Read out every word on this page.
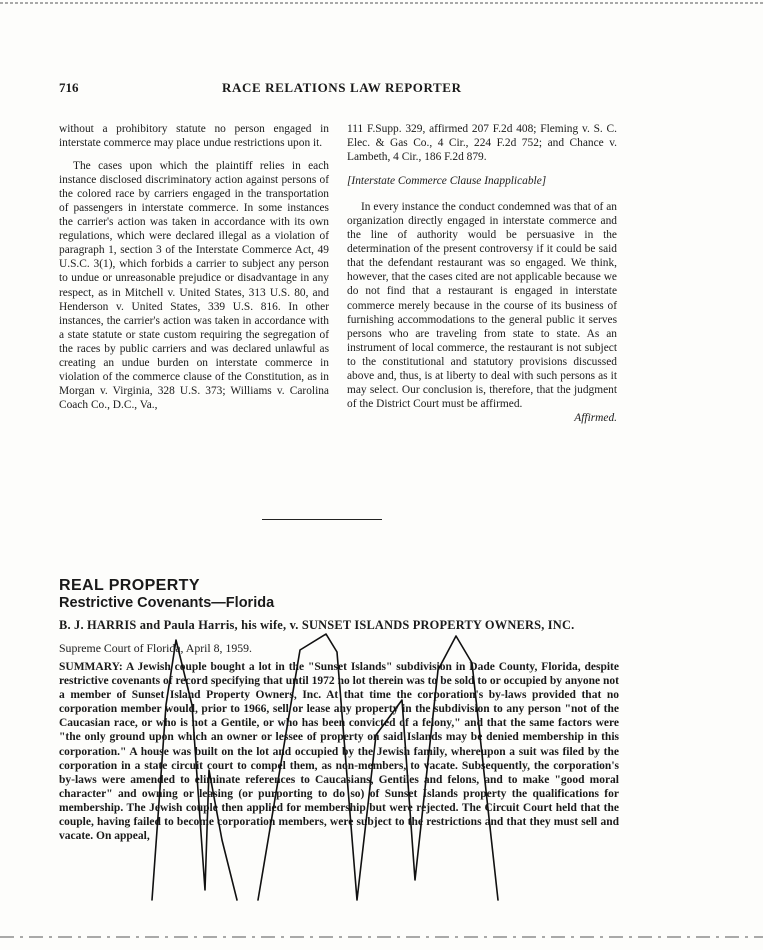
716	RACE RELATIONS LAW REPORTER

without a prohibitory statute no person engaged in interstate commerce may place undue restrictions upon it.

The cases upon which the plaintiff relies in each instance disclosed discriminatory action against persons of the colored race by carriers engaged in the transportation of passengers in interstate commerce. In some instances the carrier's action was taken in accordance with its own regulations, which were declared illegal as a violation of paragraph 1, section 3 of the Interstate Commerce Act, 49 U.S.C. 3(1), which forbids a carrier to subject any person to undue or unreasonable prejudice or disadvantage in any respect, as in Mitchell v. United States, 313 U.S. 80, and Henderson v. United States, 339 U.S. 816. In other instances, the carrier's action was taken in accordance with a state statute or state custom requiring the segregation of the races by public carriers and was declared unlawful as creating an undue burden on interstate commerce in violation of the commerce clause of the Constitution, as in Morgan v. Virginia, 328 U.S. 373; Williams v. Carolina Coach Co., D.C., Va.,

111 F.Supp. 329, affirmed 207 F.2d 408; Fleming v. S. C. Elec. & Gas Co., 4 Cir., 224 F.2d 752; and Chance v. Lambeth, 4 Cir., 186 F.2d 879.

[Interstate Commerce Clause Inapplicable]

In every instance the conduct condemned was that of an organization directly engaged in interstate commerce and the line of authority would be persuasive in the determination of the present controversy if it could be said that the defendant restaurant was so engaged. We think, however, that the cases cited are not applicable because we do not find that a restaurant is engaged in interstate commerce merely because in the course of its business of furnishing accommodations to the general public it serves persons who are traveling from state to state. As an instrument of local commerce, the restaurant is not subject to the constitutional and statutory provisions discussed above and, thus, is at liberty to deal with such persons as it may select. Our conclusion is, therefore, that the judgment of the District Court must be affirmed.

Affirmed.

REAL PROPERTY
Restrictive Covenants—Florida
B. J. HARRIS and Paula Harris, his wife, v. SUNSET ISLANDS PROPERTY OWNERS, INC.
Supreme Court of Florida, April 8, 1959.

SUMMARY: A Jewish couple bought a lot in the "Sunset Islands" subdivision in Dade County, Florida, despite restrictive covenants of record specifying that until 1972 no lot therein was to be sold to or occupied by anyone not a member of Sunset Island Property Owners, Inc. At that time the corporation's by-laws provided that no corporation member would, prior to 1966, sell or lease any property in the subdivision to any person "not of the Caucasian race, or who is not a Gentile, or who has been convicted of a felony," and that the same factors were "the only ground upon which an owner or lessee of property on said Islands may be denied membership in this corporation." A house was built on the lot and occupied by the Jewish family, whereupon a suit was filed by the corporation in a state circuit court to compel them, as non-members, to vacate. Subsequently, the corporation's by-laws were amended to eliminate references to Caucasians, Gentiles and felons, and to make "good moral character" and owning or leasing (or purporting to do so) of Sunset Islands property the qualifications for membership. The Jewish couple then applied for membership but were rejected. The Circuit Court held that the couple, having failed to become corporation members, were subject to the restrictions and that they must sell and vacate. On appeal,
